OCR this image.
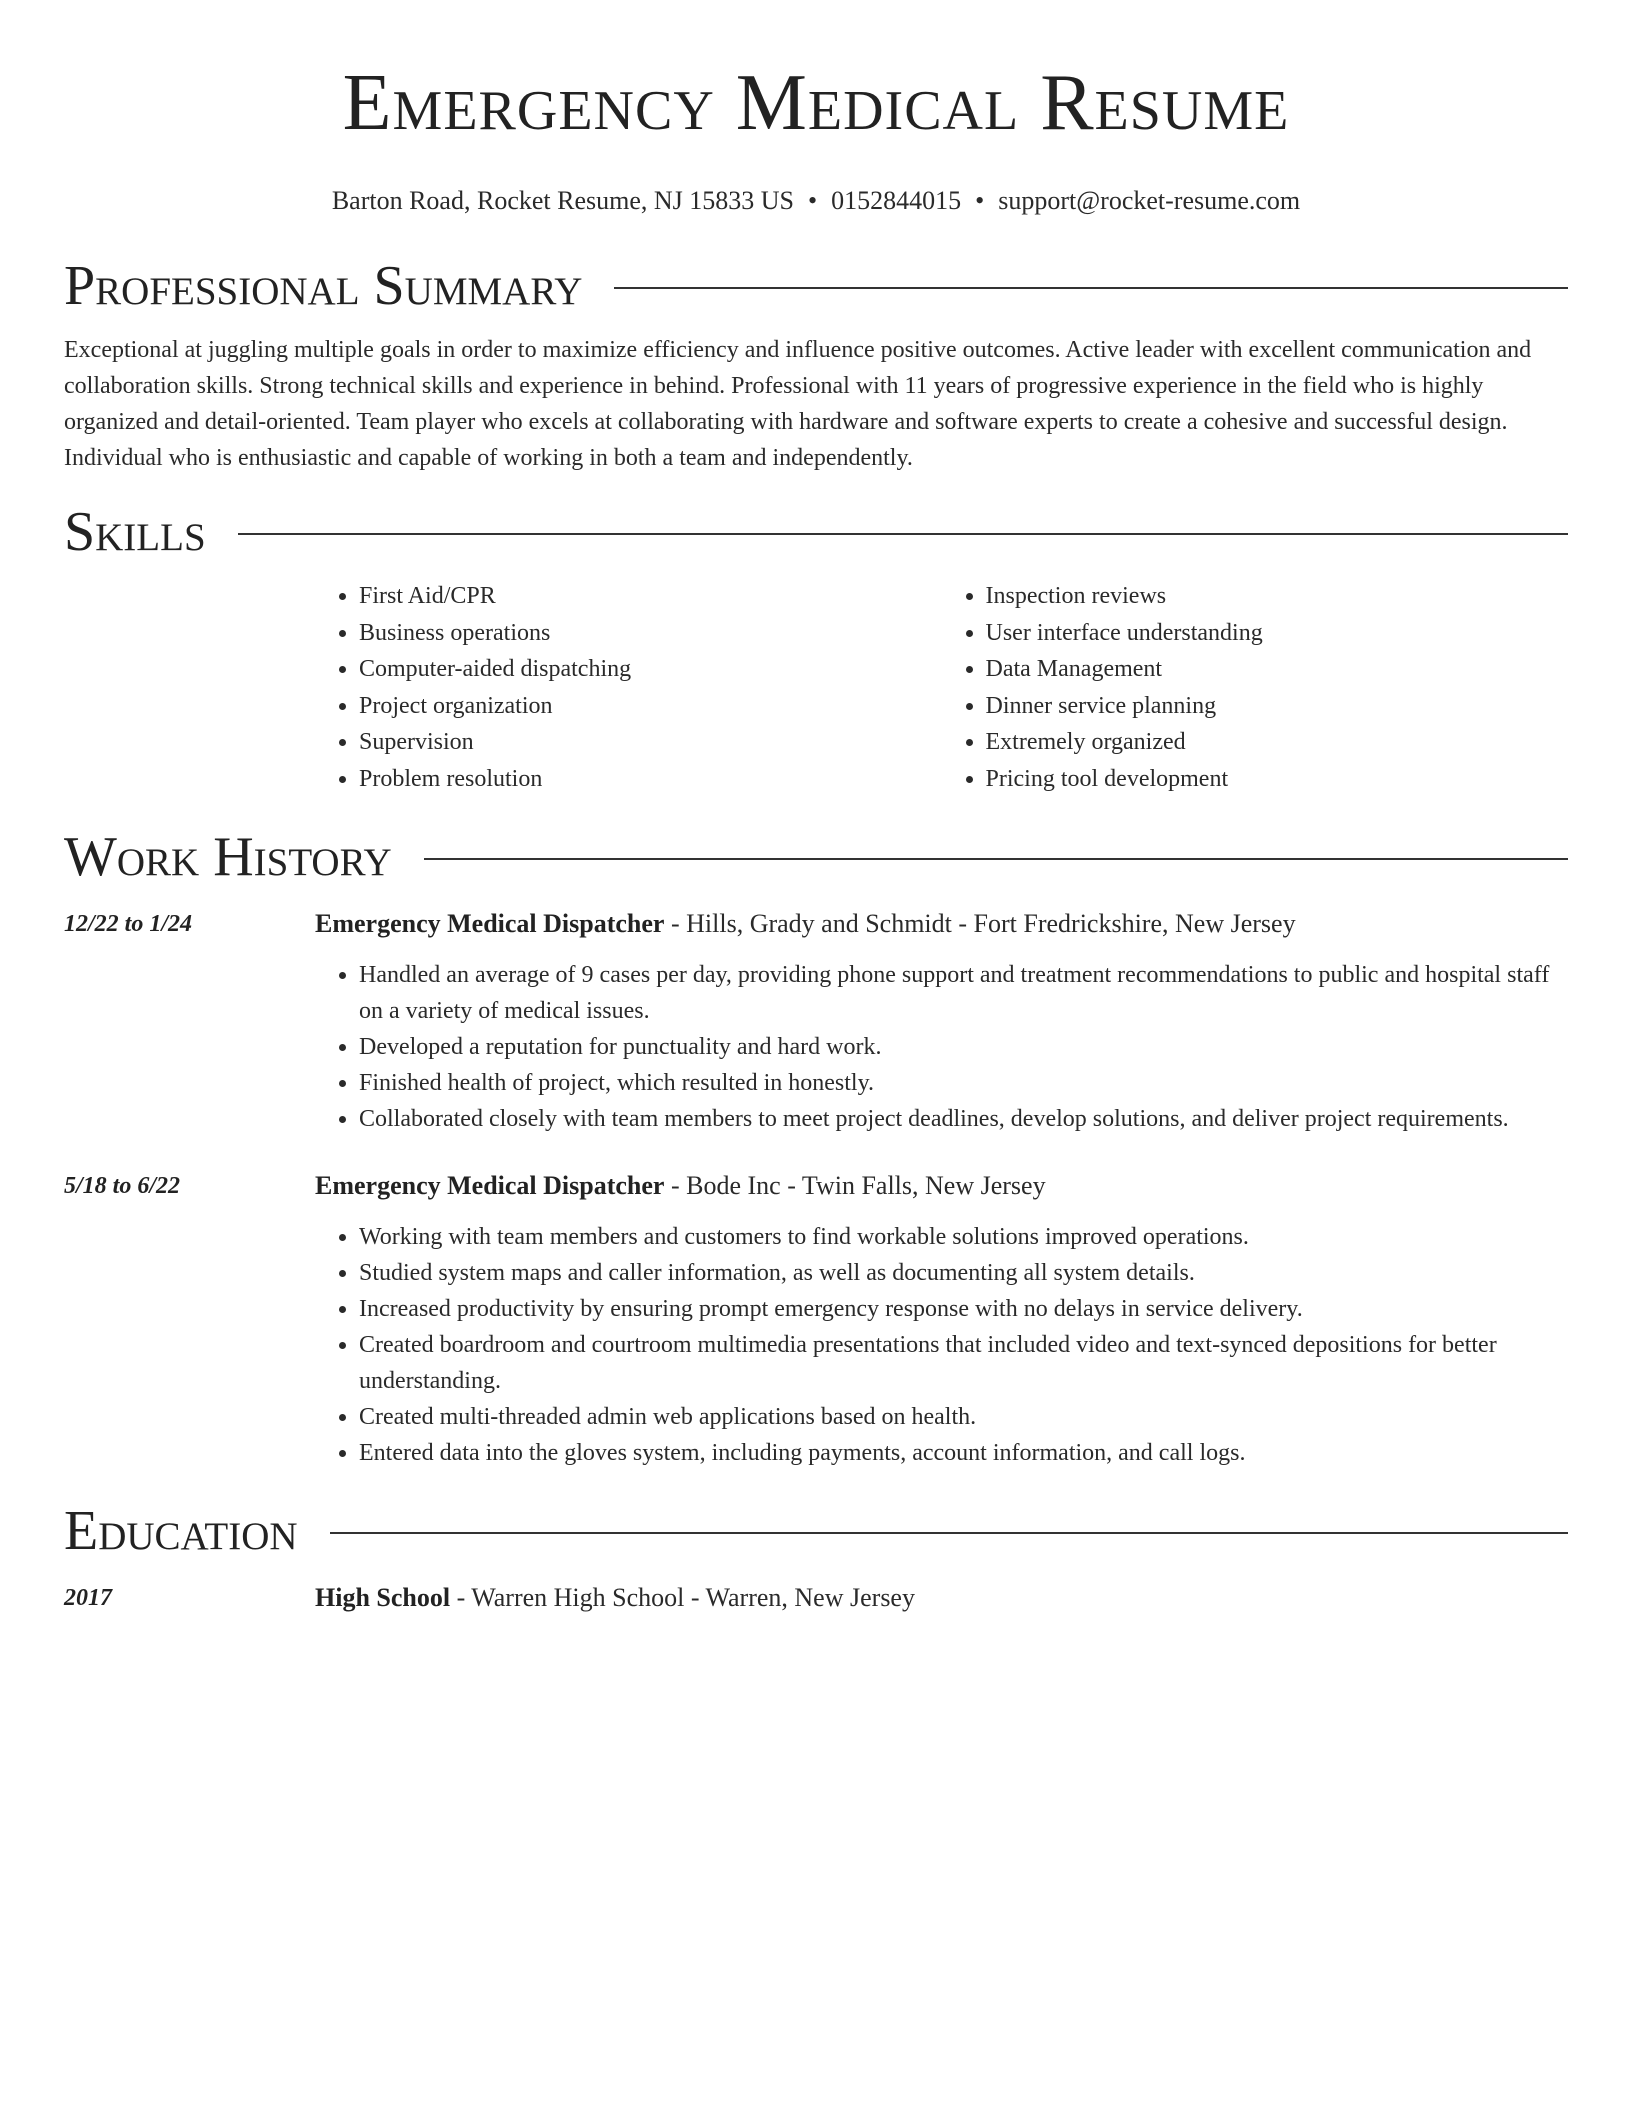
Emergency Medical Resume
Barton Road, Rocket Resume, NJ 15833 US • 0152844015 • support@rocket-resume.com
Professional Summary

Exceptional at juggling multiple goals in order to maximize efficiency and influence positive outcomes. Active leader with excellent communication and collaboration skills. Strong technical skills and experience in behind. Professional with 11 years of progressive experience in the field who is highly organized and detail-oriented. Team player who excels at collaborating with hardware and software experts to create a cohesive and successful design. Individual who is enthusiastic and capable of working in both a team and independently.

Skills
• First Aid/CPR
• Business operations
• Computer-aided dispatching
• Project organization
• Supervision
• Problem resolution
• Inspection reviews
• User interface understanding
• Data Management
• Dinner service planning
• Extremely organized
• Pricing tool development
Work History
12/22 to 1/24	Emergency Medical Dispatcher - Hills, Grady and Schmidt - Fort Fredrickshire, New Jersey
• Handled an average of 9 cases per day, providing phone support and treatment recommendations to public and hospital staff on a variety of medical issues.
• Developed a reputation for punctuality and hard work.
• Finished health of project, which resulted in honestly.
• Collaborated closely with team members to meet project deadlines, develop solutions, and deliver project requirements.
5/18 to 6/22	Emergency Medical Dispatcher - Bode Inc - Twin Falls, New Jersey
• Working with team members and customers to find workable solutions improved operations.
• Studied system maps and caller information, as well as documenting all system details.
• Increased productivity by ensuring prompt emergency response with no delays in service delivery.
• Created boardroom and courtroom multimedia presentations that included video and text-synced depositions for better understanding.
• Created multi-threaded admin web applications based on health.
• Entered data into the gloves system, including payments, account information, and call logs.
Education
2017	High School - Warren High School - Warren, New Jersey
